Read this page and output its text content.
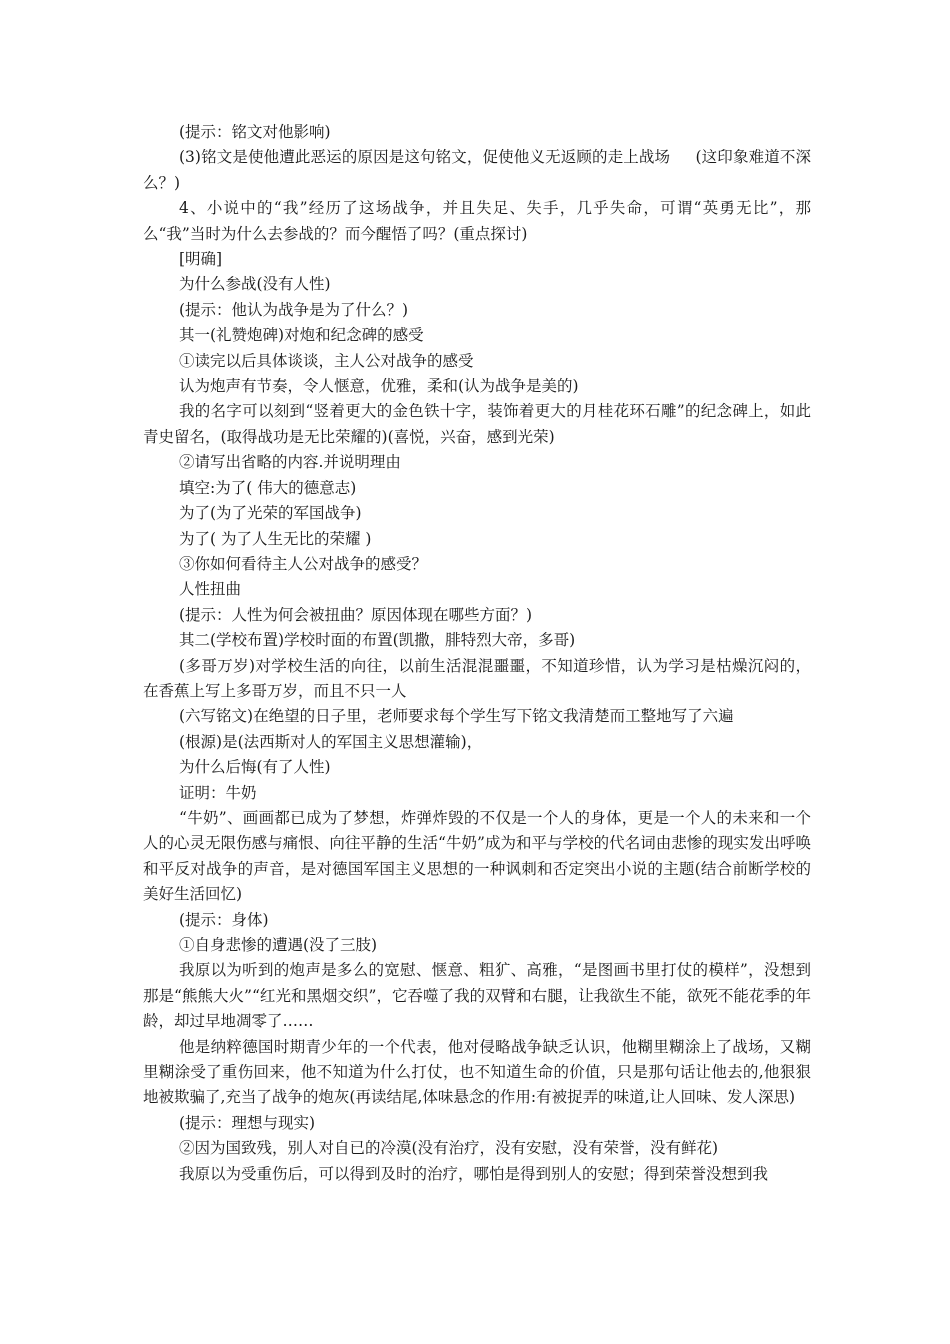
(提示：铭文对他影响)

(3)铭文是使他遭此恶运的原因是这句铭文，促使他义无返顾的走上战场     (这印象难道不深么？)

4、小说中的“我”经历了这场战争，并且失足、失手，几乎失命，可谓“英勇无比”，那么“我”当时为什么去参战的？而今醒悟了吗？(重点探讨)

[明确]

为什么参战(没有人性)

(提示：他认为战争是为了什么？)

其一(礼赞炮碑)对炮和纪念碑的感受

①读完以后具体谈谈，主人公对战争的感受

认为炮声有节奏，令人惬意，优雅，柔和(认为战争是美的)

我的名字可以刻到“竖着更大的金色铁十字，装饰着更大的月桂花环石雕”的纪念碑上，如此青史留名，(取得战功是无比荣耀的)(喜悦，兴奋，感到光荣)

②请写出省略的内容.并说明理由

填空:为了( 伟大的德意志)

为了(为了光荣的军国战争)

为了( 为了人生无比的荣耀 )

③你如何看待主人公对战争的感受？

人性扭曲

(提示：人性为何会被扭曲？原因体现在哪些方面？)

其二(学校布置)学校时面的布置(凯撒，腓特烈大帝，多哥)

(多哥万岁)对学校生活的向往，以前生活混混噩噩，不知道珍惜，认为学习是枯燥沉闷的，在香蕉上写上多哥万岁，而且不只一人

(六写铭文)在绝望的日子里，老师要求每个学生写下铭文我清楚而工整地写了六遍

(根源)是(法西斯对人的军国主义思想灌输)，

为什么后悔(有了人性)

证明：牛奶

“牛奶”、画画都已成为了梦想，炸弹炸毁的不仅是一个人的身体，更是一个人的未来和一个人的心灵无限伤感与痛恨、向往平静的生活“牛奶”成为和平与学校的代名词由悲惨的现实发出呼唤和平反对战争的声音，是对德国军国主义思想的一种讽刺和否定突出小说的主题(结合前断学校的美好生活回忆)

(提示：身体)

①自身悲惨的遭遇(没了三肢)

我原以为听到的炮声是多么的宽慰、惬意、粗犷、高雅，“是图画书里打仗的模样”，没想到那是“熊熊大火”“红光和黑烟交织”，它吞噬了我的双臂和右腿，让我欲生不能，欲死不能花季的年龄，却过早地凋零了……

他是纳粹德国时期青少年的一个代表，他对侵略战争缺乏认识，他糊里糊涂上了战场，又糊里糊涂受了重伤回来，他不知道为什么打仗，也不知道生命的价值，只是那句话让他去的,他狠狠地被欺骗了,充当了战争的炮灰(再读结尾,体味悬念的作用:有被捉弄的味道,让人回味、发人深思)

(提示：理想与现实)

②因为国致残，别人对自已的冷漠(没有治疗，没有安慰，没有荣誉，没有鲜花)

我原以为受重伤后，可以得到及时的治疗，哪怕是得到别人的安慰；得到荣誉没想到我
